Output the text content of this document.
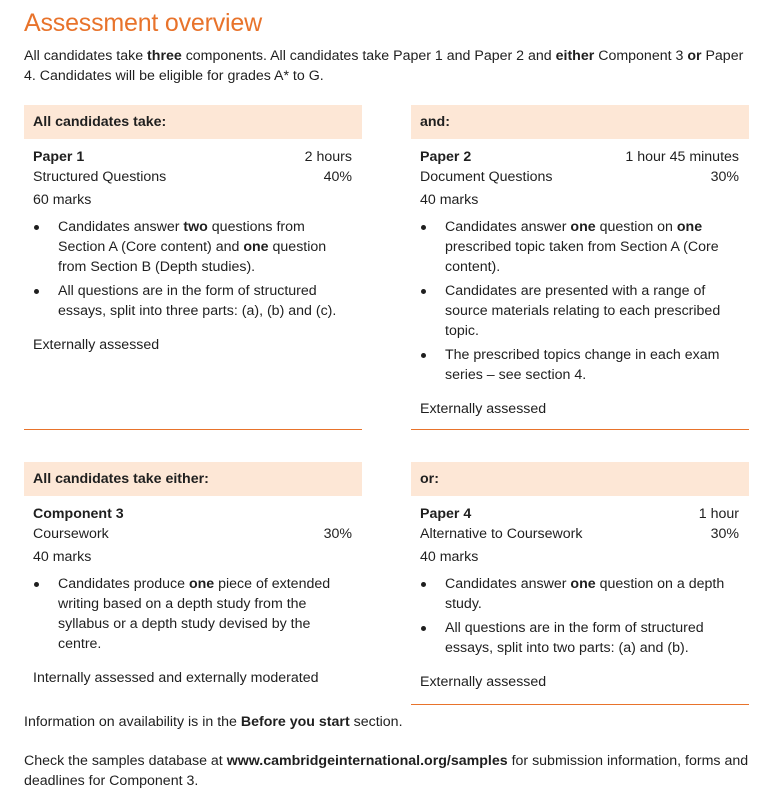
Assessment overview

All candidates take three components. All candidates take Paper 1 and Paper 2 and either Component 3 or Paper 4. Candidates will be eligible for grades A* to G.

All candidates take:
Paper 1	2 hours
Structured Questions	40%
60 marks
Candidates answer two questions from Section A (Core content) and one question from Section B (Depth studies).
All questions are in the form of structured essays, split into three parts: (a), (b) and (c).
Externally assessed
and:
Paper 2	1 hour 45 minutes
Document Questions	30%
40 marks
Candidates answer one question on one prescribed topic taken from Section A (Core content).
Candidates are presented with a range of source materials relating to each prescribed topic.
The prescribed topics change in each exam series – see section 4.
Externally assessed
All candidates take either:
Component 3
Coursework	30%
40 marks
Candidates produce one piece of extended writing based on a depth study from the syllabus or a depth study devised by the centre.
Internally assessed and externally moderated
or:
Paper 4	1 hour
Alternative to Coursework	30%
40 marks
Candidates answer one question on a depth study.
All questions are in the form of structured essays, split into two parts: (a) and (b).
Externally assessed

Information on availability is in the Before you start section.

Check the samples database at www.cambridgeinternational.org/samples for submission information, forms and deadlines for Component 3.
